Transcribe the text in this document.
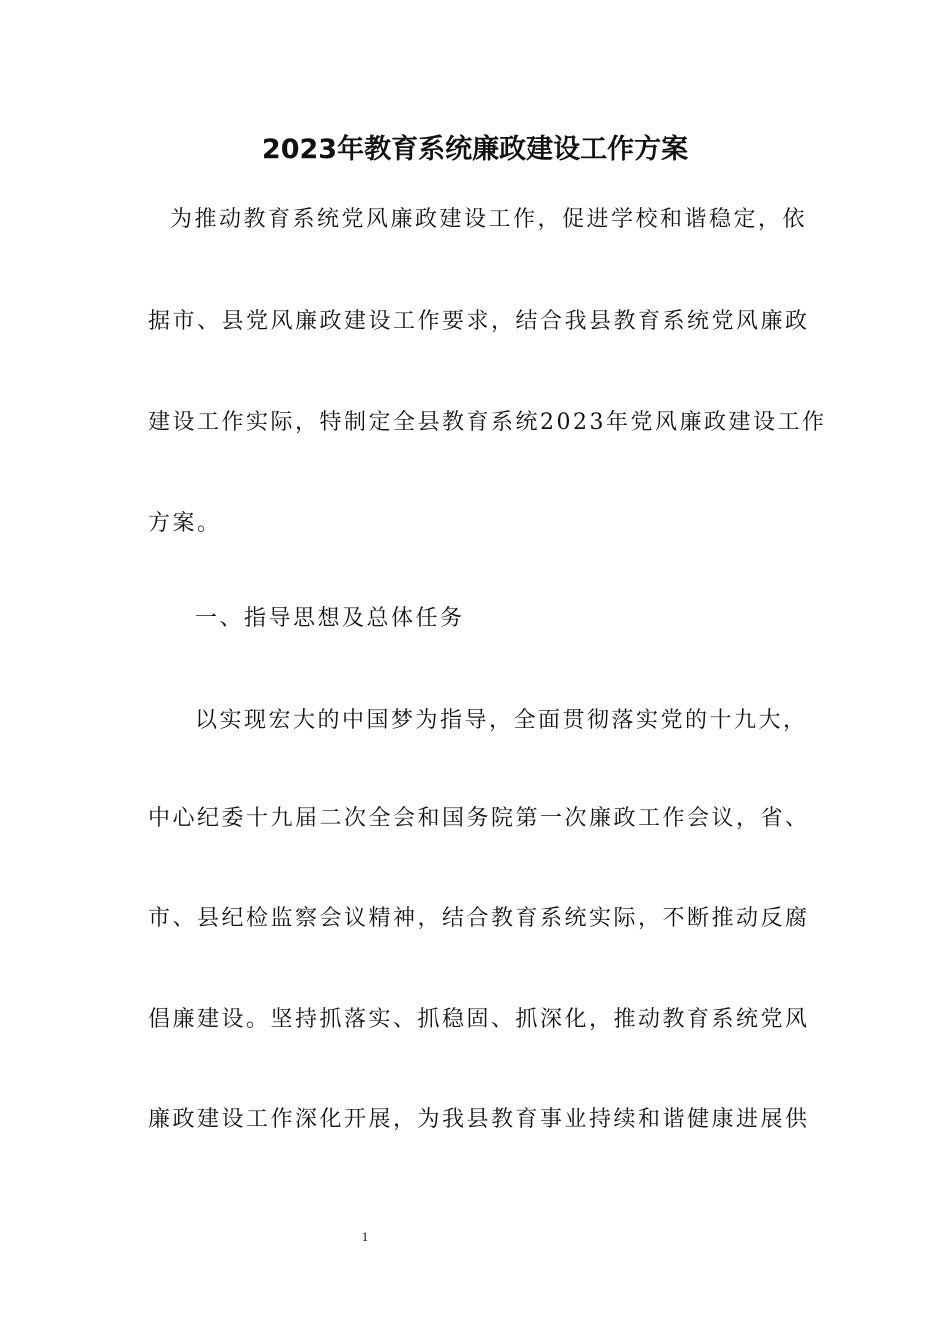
2023年教育系统廉政建设工作方案
为推动教育系统党风廉政建设工作，促进学校和谐稳定，依
据市、县党风廉政建设工作要求，结合我县教育系统党风廉政
建设工作实际，特制定全县教育系统2023年党风廉政建设工作
方案。
一、指导思想及总体任务
以实现宏大的中国梦为指导，全面贯彻落实党的十九大，
中心纪委十九届二次全会和国务院第一次廉政工作会议，省、
市、县纪检监察会议精神，结合教育系统实际，不断推动反腐
倡廉建设。坚持抓落实、抓稳固、抓深化，推动教育系统党风
廉政建设工作深化开展，为我县教育事业持续和谐健康进展供
1
